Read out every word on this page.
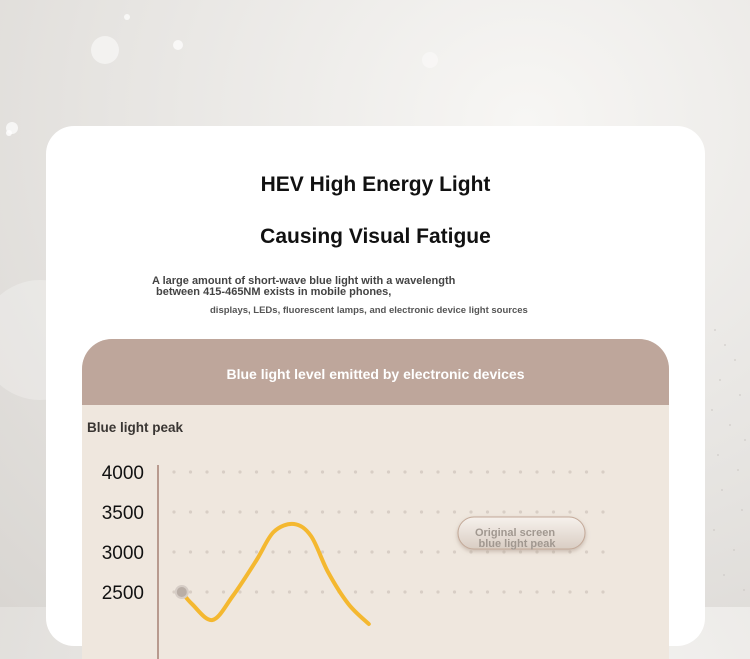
HEV High Energy Light
Causing Visual Fatigue
A large amount of short-wave blue light with a wavelength
between 415-465NM exists in mobile phones,
displays, LEDs, fluorescent lamps, and electronic device light sources
Blue light level emitted by electronic devices
Blue light peak
4000
3500
3000
2500
Original screen
blue light peak
